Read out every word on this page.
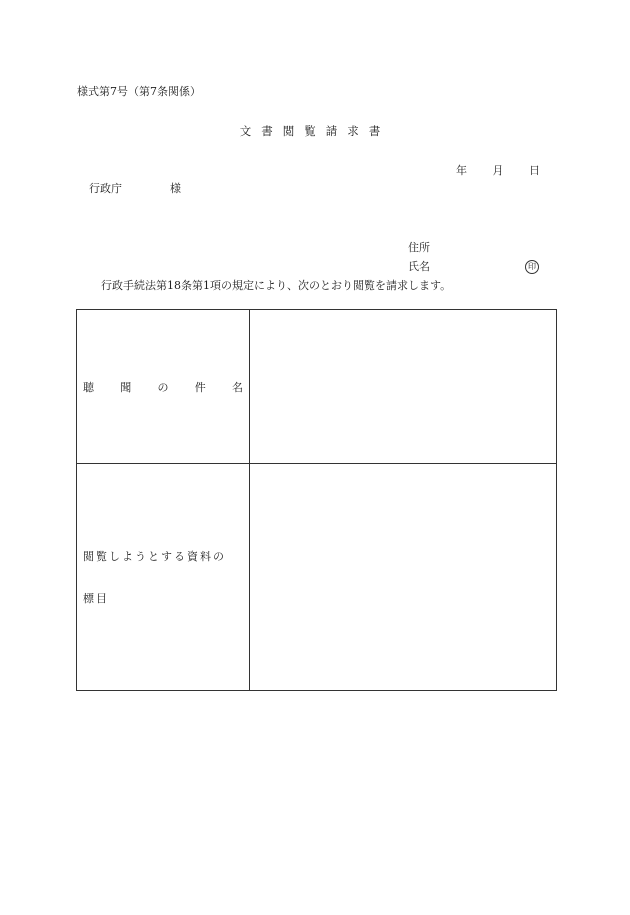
様式第7号（第7条関係）
文書閲覧請求書
年 月 日
行政庁	様
住所
氏名	印
行政手続法第18条第1項の規定により、次のとおり閲覧を請求します。
聴 聞 の 件 名	

閲覧しようとする資料の
標目	
